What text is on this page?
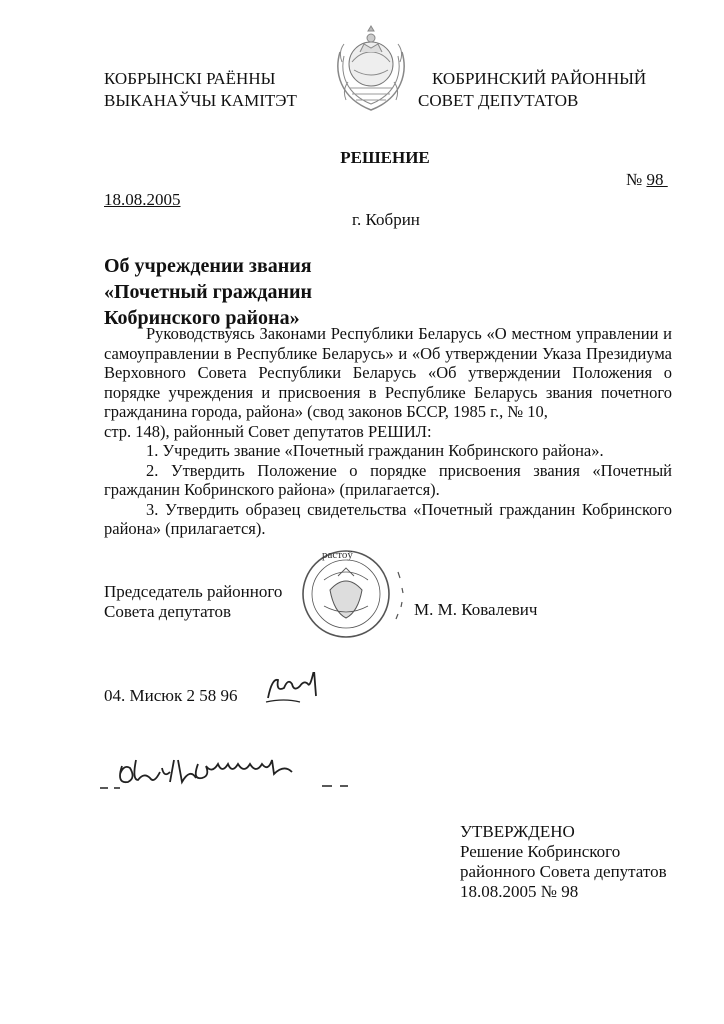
КОБРЫНСКІ РАЁННЫ
ВЫКАНАЎЧЫ КАМІТЭТ
КОБРИНСКИЙ РАЙОННЫЙ
СОВЕТ ДЕПУТАТОВ
РЕШЕНИЕ
№ 98
18.08.2005
г. Кобрин
Об учреждении звания
«Почетный гражданин
Кобринского района»

Руководствуясь Законами Республики Беларусь «О местном управлении и самоуправлении в Республике Беларусь» и «Об утверждении Указа Президиума Верховного Совета Республики Беларусь «Об утверждении Положения о порядке учреждения и присвоения в Республике Беларусь звания почетного гражданина города, района» (свод законов БССР, 1985 г., № 10,

стр. 148), районный Совет депутатов РЕШИЛ:

1. Учредить звание «Почетный гражданин Кобринского района».

2. Утвердить Положение о порядке присвоения звания «Почетный гражданин Кобринского района» (прилагается).

3. Утвердить образец свидетельства «Почетный гражданин Кобринского района» (прилагается).

Председатель районного
Совета депутатов
растоў
М. М. Ковалевич
04. Мисюк 2 58 96
УТВЕРЖДЕНО
Решение Кобринского
районного Совета депутатов
18.08.2005 № 98
